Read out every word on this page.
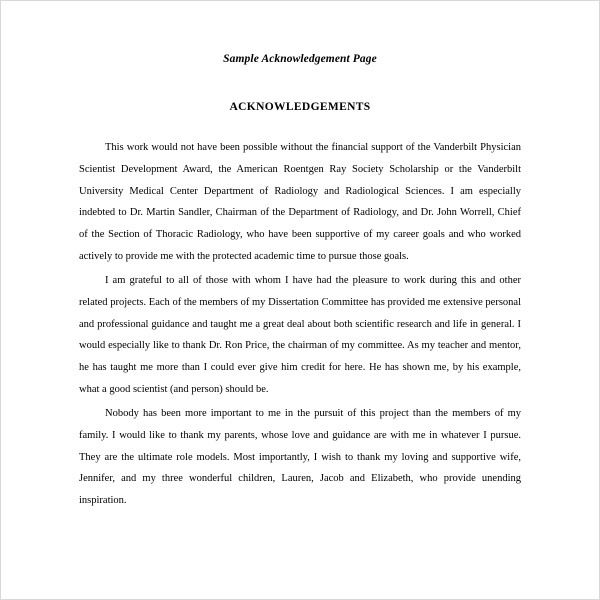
Sample Acknowledgement Page
ACKNOWLEDGEMENTS

This work would not have been possible without the financial support of the Vanderbilt Physician Scientist Development Award, the American Roentgen Ray Society Scholarship or the Vanderbilt University Medical Center Department of Radiology and Radiological Sciences. I am especially indebted to Dr. Martin Sandler, Chairman of the Department of Radiology, and Dr. John Worrell, Chief of the Section of Thoracic Radiology, who have been supportive of my career goals and who worked actively to provide me with the protected academic time to pursue those goals.

I am grateful to all of those with whom I have had the pleasure to work during this and other related projects. Each of the members of my Dissertation Committee has provided me extensive personal and professional guidance and taught me a great deal about both scientific research and life in general. I would especially like to thank Dr. Ron Price, the chairman of my committee. As my teacher and mentor, he has taught me more than I could ever give him credit for here. He has shown me, by his example, what a good scientist (and person) should be.

Nobody has been more important to me in the pursuit of this project than the members of my family. I would like to thank my parents, whose love and guidance are with me in whatever I pursue. They are the ultimate role models. Most importantly, I wish to thank my loving and supportive wife, Jennifer, and my three wonderful children, Lauren, Jacob and Elizabeth, who provide unending inspiration.
